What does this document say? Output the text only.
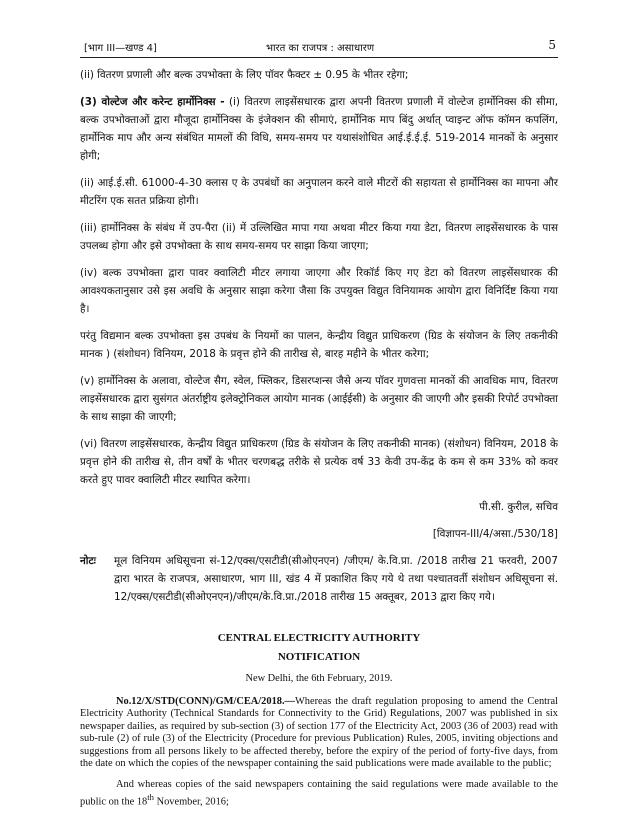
[भाग III—खण्ड 4]	भारत का राजपत्र : असाधारण	5

(ii) वितरण प्रणाली और बल्क उपभोक्ता के लिए पॉवर फैक्टर ± 0.95 के भीतर रहेगा;

(3) वोल्टेज और करेन्ट हार्मोनिक्स - (i) वितरण लाइसेंसधारक द्वारा अपनी वितरण प्रणाली में वोल्टेज हार्मोनिक्स की सीमा, बल्क उपभोक्ताओं द्वारा मौजूदा हार्मोनिक्स के इंजेक्शन की सीमाएं, हार्मोनिक माप बिंदु अर्थात् प्वाइन्ट ऑफ कॉमन कपलिंग, हार्मोनिक माप और अन्य संबंधित मामलों की विधि, समय-समय पर यथासंशोधित आई.ई.ई.ई. 519-2014 मानकों के अनुसार होगी;

(ii) आई.ई.सी. 61000-4-30 क्लास ए के उपबंधों का अनुपालन करने वाले मीटरों की सहायता से हार्मोनिक्स का मापना और मीटरिंग एक सतत प्रक्रिया होगी।

(iii) हार्मोनिक्स के संबंध में उप-पैरा (ii) में उल्लिखित मापा गया अथवा मीटर किया गया डेटा, वितरण लाइसेंसधारक के पास उपलब्ध होगा और इसे उपभोक्ता के साथ समय-समय पर साझा किया जाएगा;

(iv) बल्क उपभोक्ता द्वारा पावर क्वालिटी मीटर लगाया जाएगा और रिकॉर्ड किए गए डेटा को वितरण लाइसेंसधारक की आवश्यकतानुसार उसे इस अवधि के अनुसार साझा करेगा जैसा कि उपयुक्त विद्युत विनियामक आयोग द्वारा विनिर्दिष्ट किया गया है।

परंतु विद्यमान बल्क उपभोक्ता इस उपबंध के नियमों का पालन, केन्द्रीय विद्युत प्राधिकरण (ग्रिड के संयोजन के लिए तकनीकी मानक ) (संशोधन) विनियम, 2018 के प्रवृत्त होने की तारीख से, बारह महीने के भीतर करेगा;

(v) हार्मोनिक्स के अलावा, वोल्टेज सैग, स्वेल, फ्लिकर, डिसरप्शन्स जैसे अन्य पॉवर गुणवत्ता मानकों की आवधिक माप, वितरण लाइसेंसधारक द्वारा सुसंगत अंतर्राष्ट्रीय इलेक्ट्रोनिकल आयोग मानक (आईईसी) के अनुसार की जाएगी और इसकी रिपोर्ट उपभोक्ता के साथ साझा की जाएगी;

(vi) वितरण लाइसेंसधारक, केन्द्रीय विद्युत प्राधिकरण (ग्रिड के संयोजन के लिए तकनीकी मानक) (संशोधन) विनियम, 2018 के प्रवृत्त होने की तारीख से, तीन वर्षों के भीतर चरणबद्ध तरीके से प्रत्येक वर्ष 33 केवी उप-केंद्र के कम से कम 33% को कवर करते हुए पावर क्वालिटी मीटर स्थापित करेगा।

पी.सी. कुरील, सचिव

[विज्ञापन-III/4/असा./530/18]

नोटः	मूल विनियम अधिसूचना सं-12/एक्स/एसटीडी(सीओएनएन) /जीएम/ के.वि.प्रा. /2018 तारीख 21 फरवरी, 2007 द्वारा भारत के राजपत्र, असाधारण, भाग III, खंड 4 में प्रकाशित किए गये थे तथा पश्चातवर्ती संशोधन अधिसूचना सं. 12/एक्स/एसटीडी(सीओएनएन)/जीएम/के.वि.प्रा./2018 तारीख 15 अक्तूबर, 2013 द्वारा किए गये।
CENTRAL ELECTRICITY AUTHORITY
NOTIFICATION
New Delhi, the 6th February, 2019.

No.12/X/STD(CONN)/GM/CEA/2018.—Whereas the draft regulation proposing to amend the Central Electricity Authority (Technical Standards for Connectivity to the Grid) Regulations, 2007 was published in six newspaper dailies, as required by sub-section (3) of section 177 of the Electricity Act, 2003 (36 of 2003) read with sub-rule (2) of rule (3) of the Electricity (Procedure for previous Publication) Rules, 2005, inviting objections and suggestions from all persons likely to be affected thereby, before the expiry of the period of forty-five days, from the date on which the copies of the newspaper containing the said publications were made available to the public;

And whereas copies of the said newspapers containing the said regulations were made available to the public on the 18th November, 2016;
